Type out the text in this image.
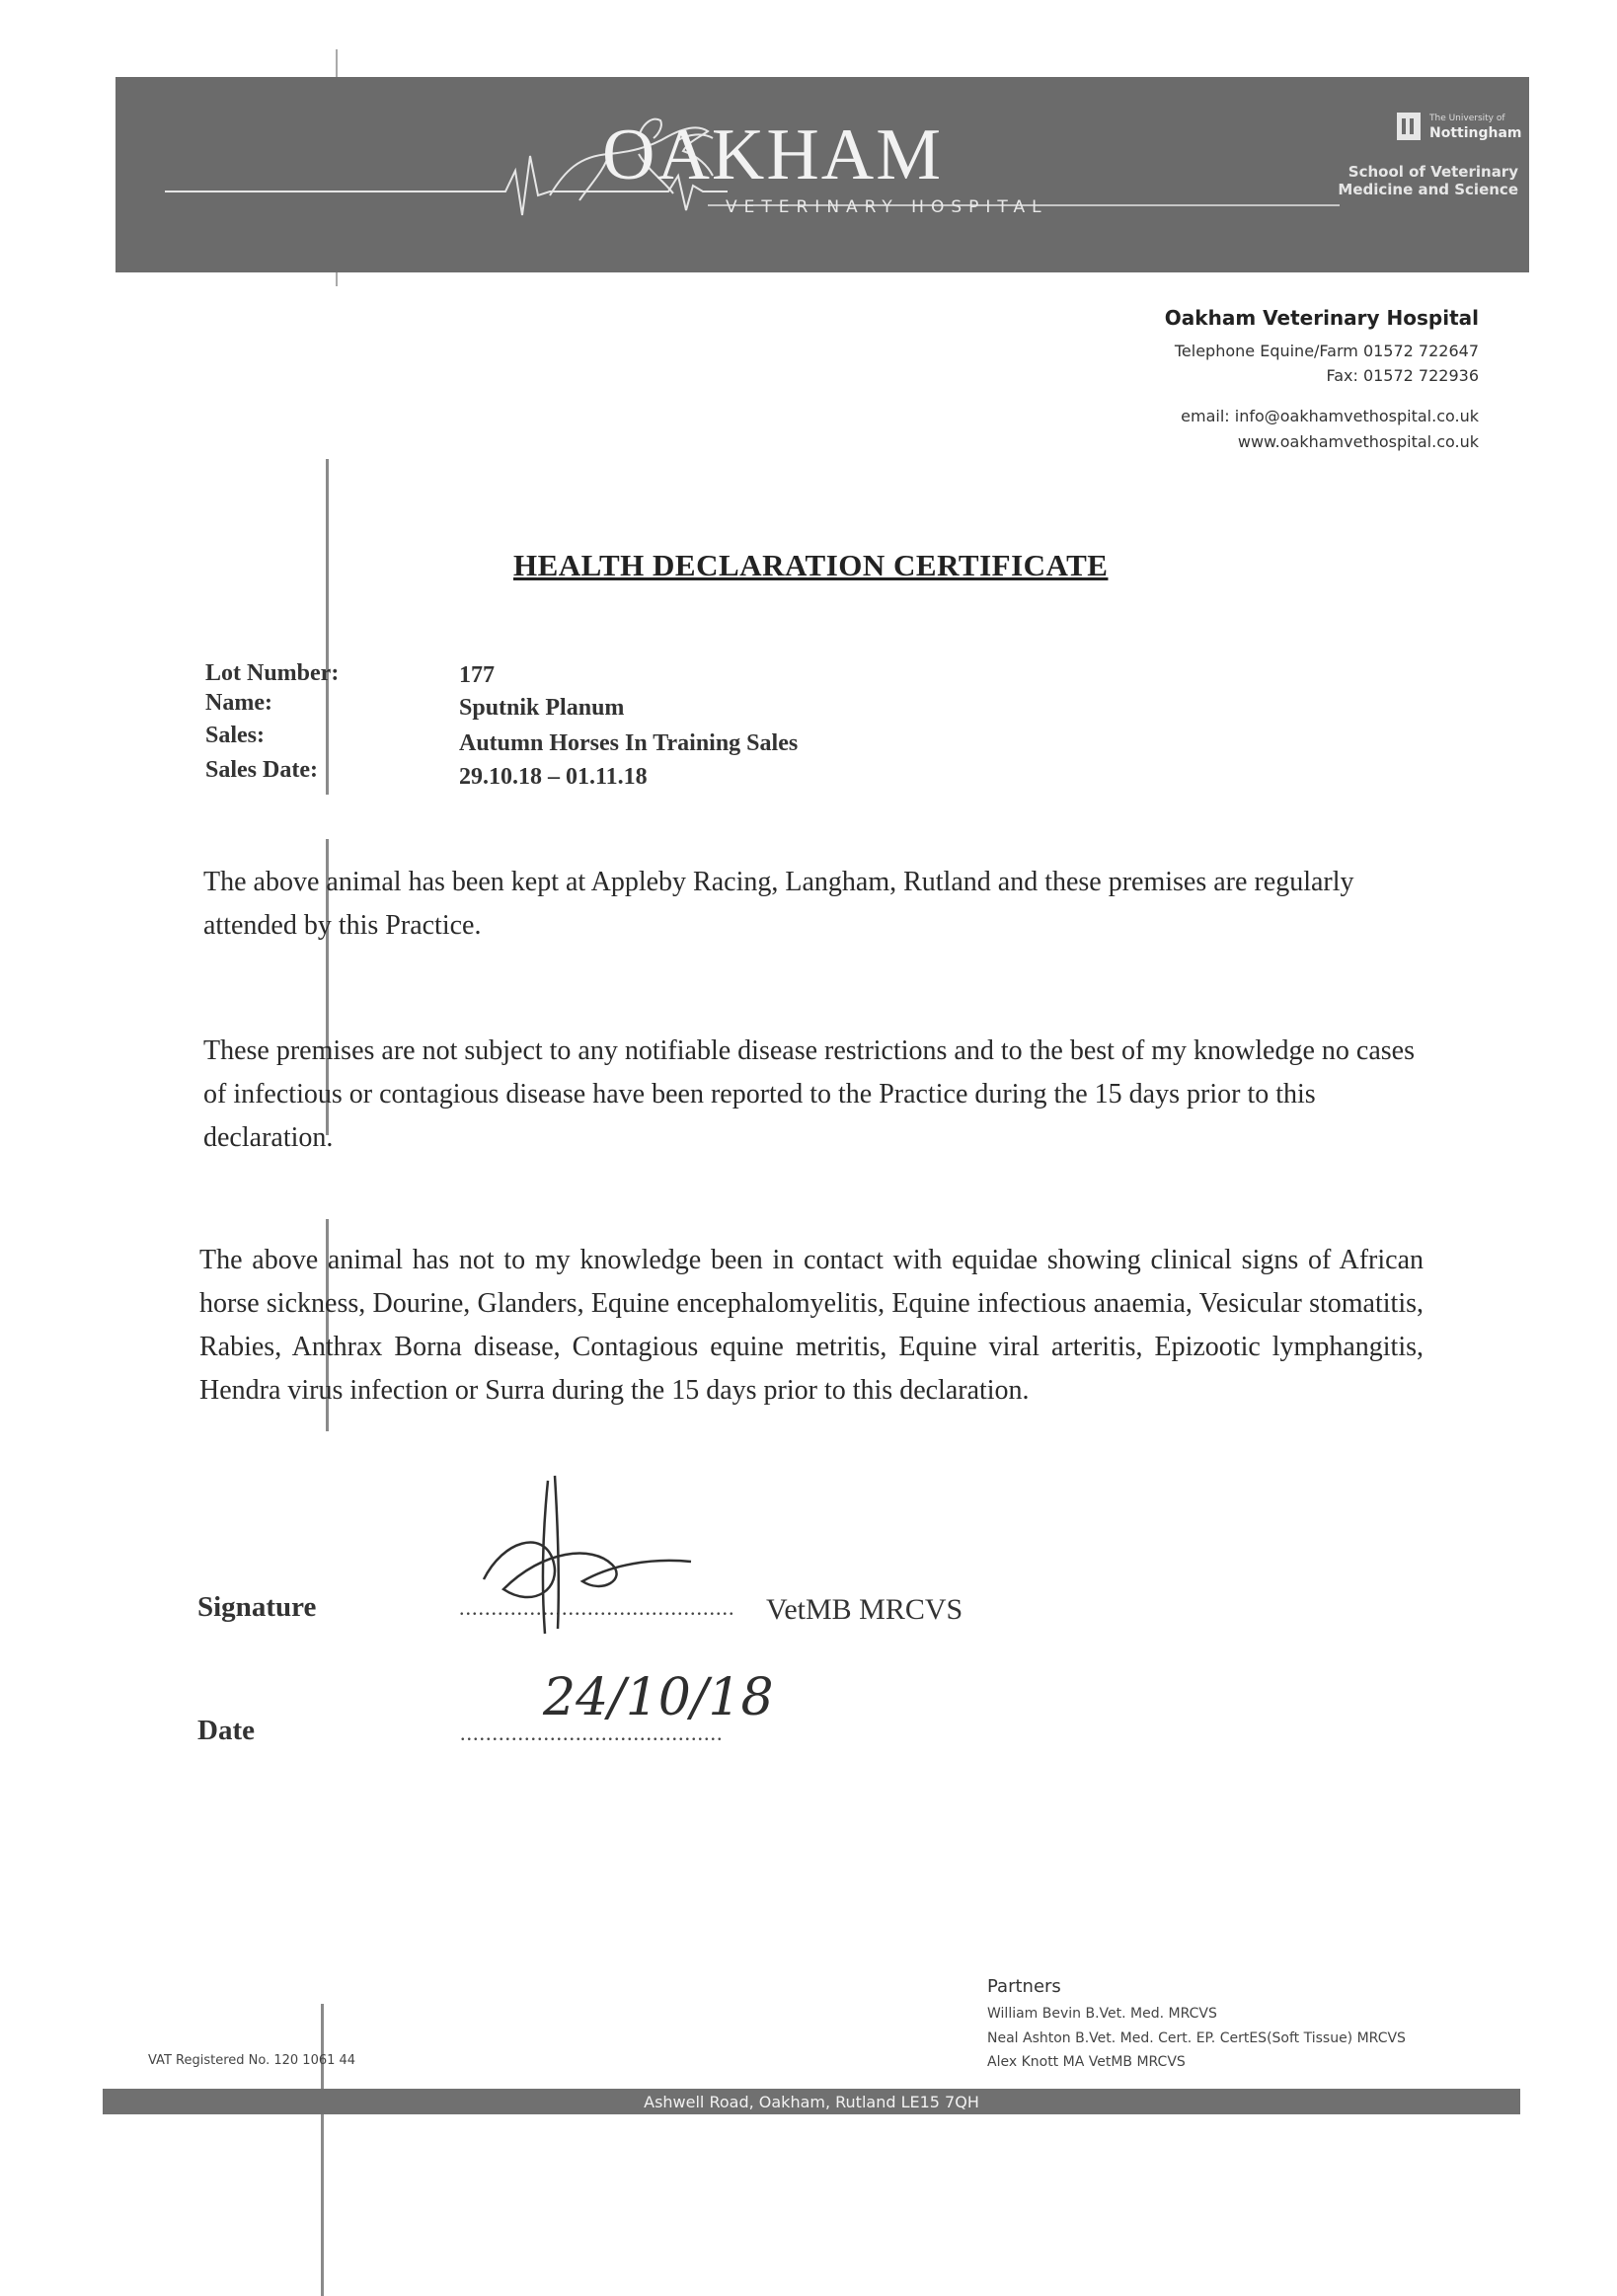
OAKHAM
VETERINARY HOSPITAL
The University of
Nottingham
School of Veterinary
Medicine and Science
Oakham Veterinary Hospital
Telephone Equine/Farm 01572 722647
Fax: 01572 722936
email: info@oakhamvethospital.co.uk
www.oakhamvethospital.co.uk
HEALTH DECLARATION CERTIFICATE
Lot Number:	177
Name:	Sputnik Planum
Sales:	Autumn Horses In Training Sales
Sales Date:	29.10.18 – 01.11.18
The above animal has been kept at Appleby Racing, Langham, Rutland and these premises are regularly attended by this Practice.
These premises are not subject to any notifiable disease restrictions and to the best of my knowledge no cases of infectious or contagious disease have been reported to the Practice during the 15 days prior to this declaration.
The above animal has not to my knowledge been in contact with equidae showing clinical signs of African horse sickness, Dourine, Glanders, Equine encephalomyelitis, Equine infectious anaemia, Vesicular stomatitis, Rabies, Anthrax Borna disease, Contagious equine metritis, Equine viral arteritis, Epizootic lymphangitis, Hendra virus infection or Surra during the 15 days prior to this declaration.
Signature	........................................... VetMB MRCVS
Date	.........................................
24/10/18
Partners
William Bevin B.Vet. Med. MRCVS
Neal Ashton B.Vet. Med. Cert. EP. CertES(Soft Tissue) MRCVS
Alex Knott MA VetMB MRCVS
VAT Registered No. 120 1061 44
Ashwell Road, Oakham, Rutland LE15 7QH
